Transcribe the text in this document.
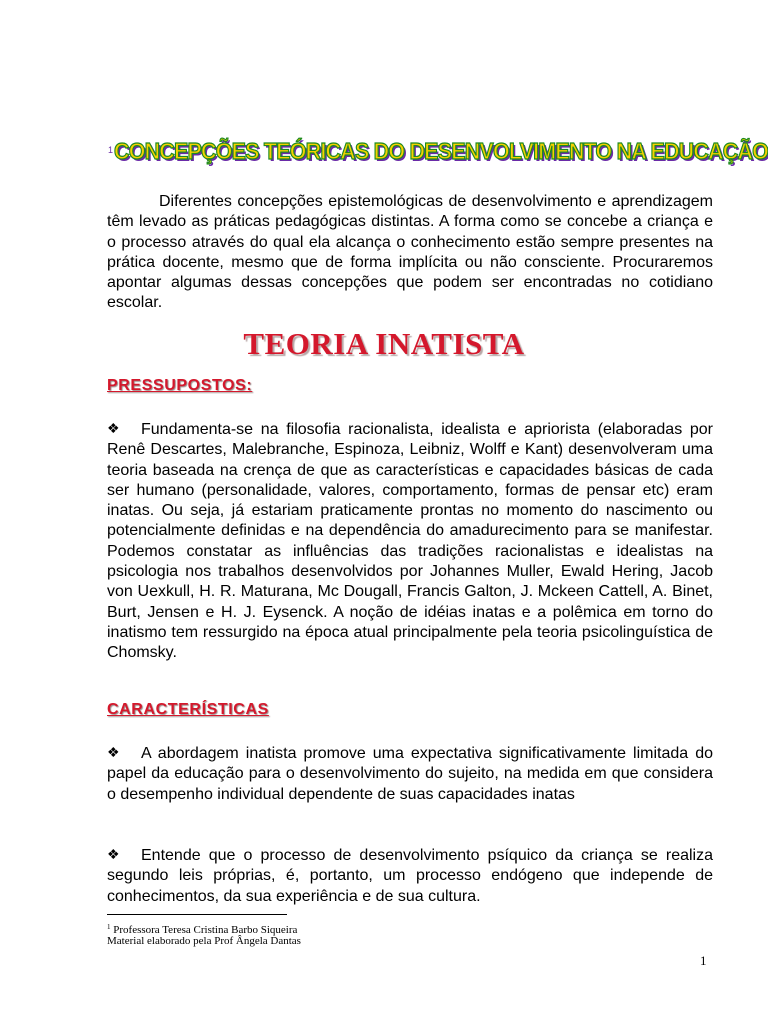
$^1$CONCEPÇÕES TEÓRICAS DO DESENVOLVIMENTO NA EDUCAÇÃO

Diferentes concepções epistemológicas de desenvolvimento e aprendizagem têm levado as práticas pedagógicas distintas. A forma como se concebe a criança e o processo através do qual ela alcança o conhecimento estão sempre presentes na prática docente, mesmo que de forma implícita ou não consciente. Procuraremos apontar algumas dessas concepções que podem ser encontradas no cotidiano escolar.

TEORIA INATISTA
PRESSUPOSTOS:

❖ Fundamenta-se na filosofia racionalista, idealista e apriorista (elaboradas por Renê Descartes, Malebranche, Espinoza, Leibniz, Wolff e Kant) desenvolveram uma teoria baseada na crença de que as características e capacidades básicas de cada ser humano (personalidade, valores, comportamento, formas de pensar etc) eram inatas. Ou seja, já estariam praticamente prontas no momento do nascimento ou potencialmente definidas e na dependência do amadurecimento para se manifestar. Podemos constatar as influências das tradições racionalistas e idealistas na psicologia nos trabalhos desenvolvidos por Johannes Muller, Ewald Hering, Jacob von Uexkull, H. R. Maturana, Mc Dougall, Francis Galton, J. Mckeen Cattell, A. Binet, Burt, Jensen e H. J. Eysenck. A noção de idéias inatas e a polêmica em torno do inatismo tem ressurgido na época atual principalmente pela teoria psicolinguística de Chomsky.

CARACTERÍSTICAS

❖ A abordagem inatista promove uma expectativa significativamente limitada do papel da educação para o desenvolvimento do sujeito, na medida em que considera o desempenho individual dependente de suas capacidades inatas

❖ Entende que o processo de desenvolvimento psíquico da criança se realiza segundo leis próprias, é, portanto, um processo endógeno que independe de conhecimentos, da sua experiência e de sua cultura.

$^1$ Professora Teresa Cristina Barbo Siqueira
Material elaborado pela Prof Ângela Dantas
1
